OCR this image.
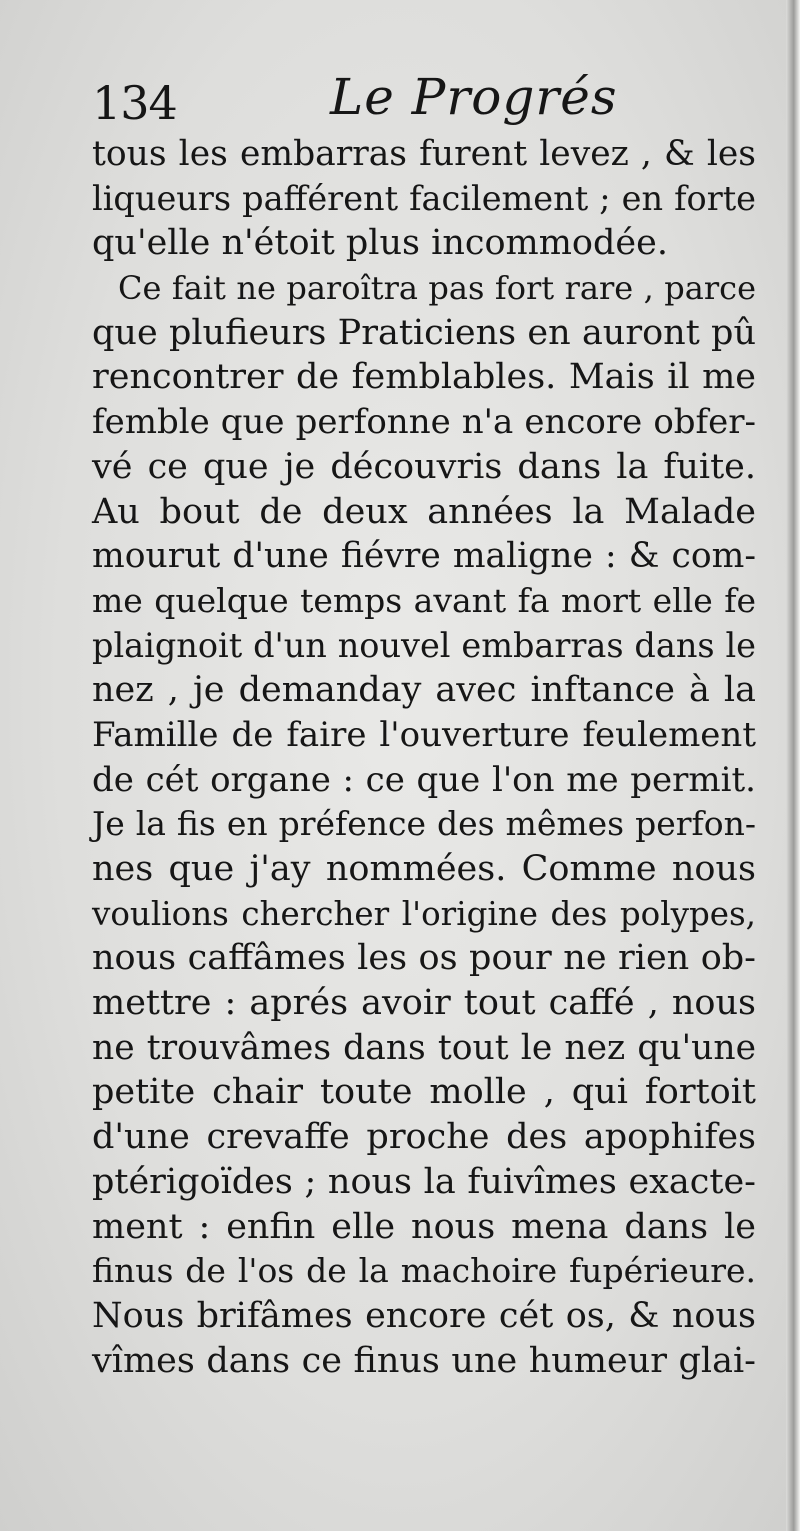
134	Le Progrés
tous les embarras furent levez , & les
liqueurs pafférent facilement ; en forte
qu'elle n'étoit plus incommodée.
Ce fait ne paroîtra pas fort rare , parce
que plufieurs Praticiens en auront pû
rencontrer de femblables. Mais il me
femble que perfonne n'a encore obfer-
vé ce que je découvris dans la fuite.
Au bout de deux années la Malade
mourut d'une fiévre maligne : & com-
me quelque temps avant fa mort elle fe
plaignoit d'un nouvel embarras dans le
nez , je demanday avec inftance à la
Famille de faire l'ouverture feulement
de cét organe : ce que l'on me permit.
Je la fis en préfence des mêmes perfon-
nes que j'ay nommées. Comme nous
voulions chercher l'origine des polypes,
nous caffâmes les os pour ne rien ob-
mettre : aprés avoir tout caffé , nous
ne trouvâmes dans tout le nez qu'une
petite chair toute molle , qui fortoit
d'une crevaffe proche des apophifes
ptérigoïdes ; nous la fuivîmes exacte-
ment : enfin elle nous mena dans le
finus de l'os de la machoire fupérieure.
Nous brifâmes encore cét os, & nous
vîmes dans ce finus une humeur glai-
